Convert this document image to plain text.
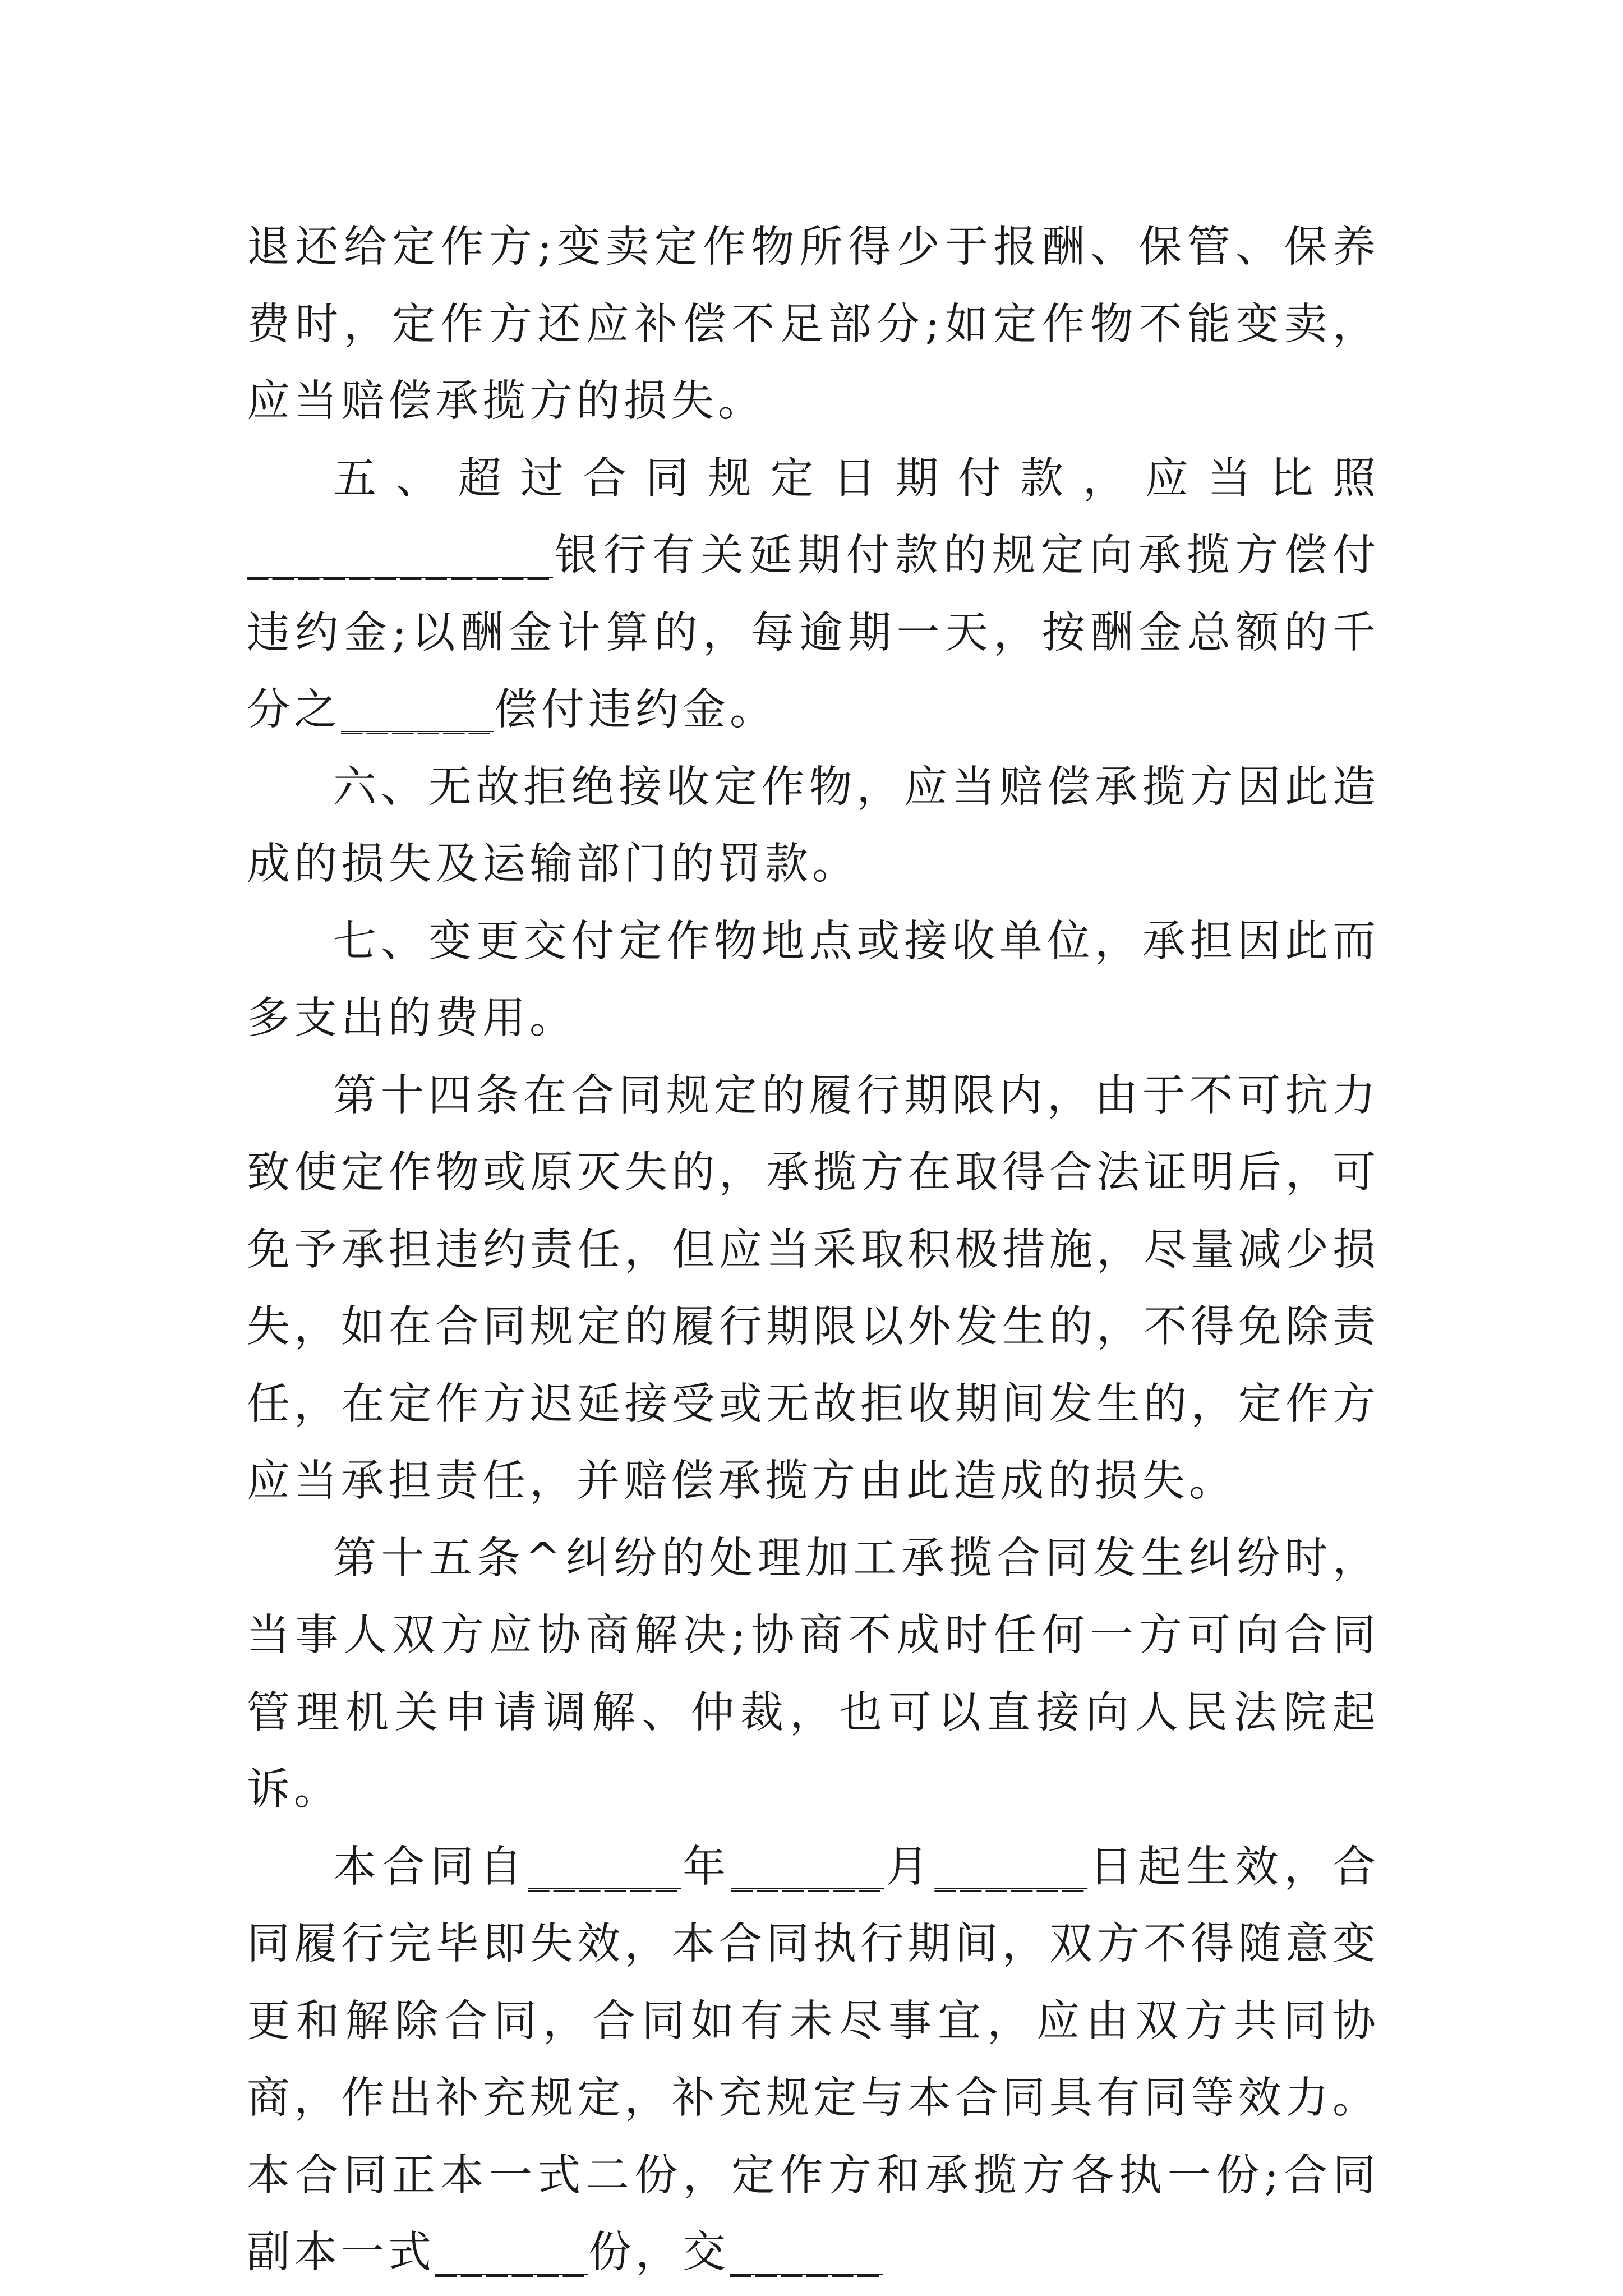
退还给定作方;变卖定作物所得少于报酬、保管、保养费时，定作方还应补偿不足部分;如定作物不能变卖，应当赔偿承揽方的损失。

五、超过合同规定日期付款，应当比照____________银行有关延期付款的规定向承揽方偿付违约金;以酬金计算的，每逾期一天，按酬金总额的千分之______偿付违约金。

六、无故拒绝接收定作物，应当赔偿承揽方因此造成的损失及运输部门的罚款。

七、变更交付定作物地点或接收单位，承担因此而多支出的费用。

第十四条在合同规定的履行期限内，由于不可抗力致使定作物或原灭失的，承揽方在取得合法证明后，可免予承担违约责任，但应当采取积极措施，尽量减少损失，如在合同规定的履行期限以外发生的，不得免除责任，在定作方迟延接受或无故拒收期间发生的，定作方应当承担责任，并赔偿承揽方由此造成的损失。

第十五条^纠纷的处理加工承揽合同发生纠纷时，当事人双方应协商解决;协商不成时任何一方可向合同管理机关申请调解、仲裁，也可以直接向人民法院起诉。

本合同自______年______月______日起生效，合同履行完毕即失效，本合同执行期间，双方不得随意变更和解除合同，合同如有未尽事宜，应由双方共同协商，作出补充规定，补充规定与本合同具有同等效力。本合同正本一式二份，定作方和承揽方各执一份;合同副本一式______份，交______
